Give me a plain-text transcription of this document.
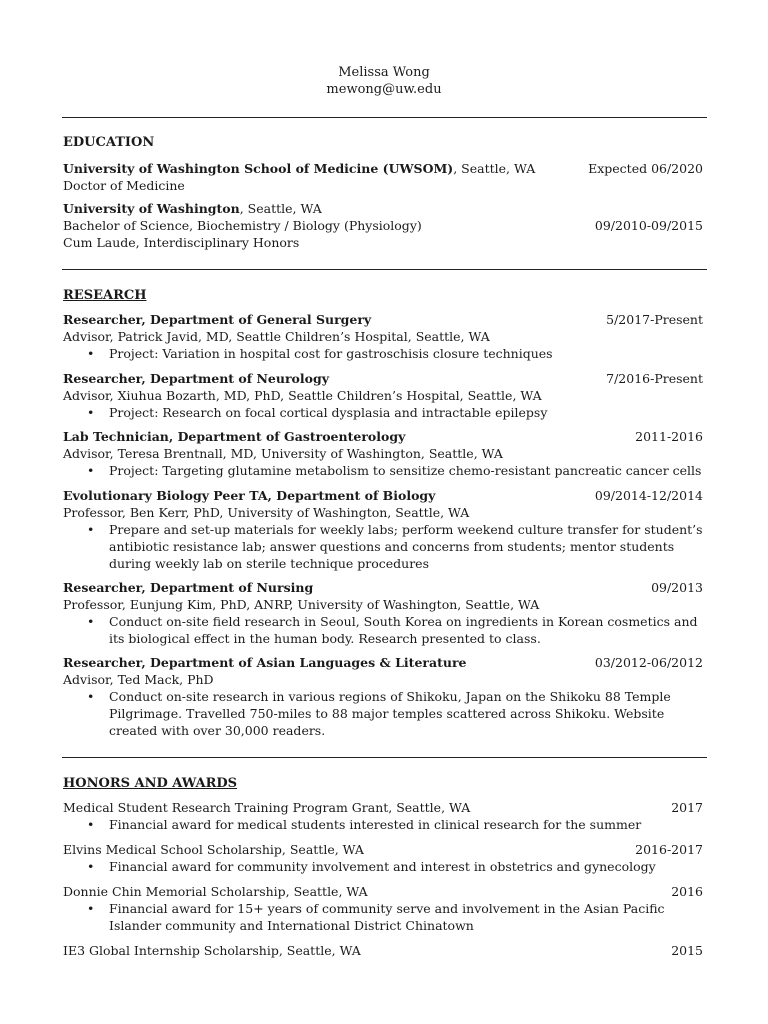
Melissa Wong
mewong@uw.edu
EDUCATION
University of Washington School of Medicine (UWSOM), Seattle, WA	Expected 06/2020
Doctor of Medicine
University of Washington, Seattle, WA
Bachelor of Science, Biochemistry / Biology (Physiology)	09/2010-09/2015
Cum Laude, Interdisciplinary Honors
RESEARCH
Researcher, Department of General Surgery	5/2017-Present
Advisor, Patrick Javid, MD, Seattle Children’s Hospital, Seattle, WA
• Project: Variation in hospital cost for gastroschisis closure techniques
Researcher, Department of Neurology	7/2016-Present
Advisor, Xiuhua Bozarth, MD, PhD, Seattle Children’s Hospital, Seattle, WA
• Project: Research on focal cortical dysplasia and intractable epilepsy
Lab Technician, Department of Gastroenterology	2011-2016
Advisor, Teresa Brentnall, MD, University of Washington, Seattle, WA
• Project: Targeting glutamine metabolism to sensitize chemo-resistant pancreatic cancer cells
Evolutionary Biology Peer TA, Department of Biology	09/2014-12/2014
Professor, Ben Kerr, PhD, University of Washington, Seattle, WA
• Prepare and set-up materials for weekly labs; perform weekend culture transfer for student’s antibiotic resistance lab; answer questions and concerns from students; mentor students during weekly lab on sterile technique procedures
Researcher, Department of Nursing	09/2013
Professor, Eunjung Kim, PhD, ANRP, University of Washington, Seattle, WA
• Conduct on-site field research in Seoul, South Korea on ingredients in Korean cosmetics and its biological effect in the human body. Research presented to class.
Researcher, Department of Asian Languages & Literature	03/2012-06/2012
Advisor, Ted Mack, PhD
• Conduct on-site research in various regions of Shikoku, Japan on the Shikoku 88 Temple Pilgrimage. Travelled 750-miles to 88 major temples scattered across Shikoku. Website created with over 30,000 readers.
HONORS AND AWARDS
Medical Student Research Training Program Grant, Seattle, WA	2017
• Financial award for medical students interested in clinical research for the summer
Elvins Medical School Scholarship, Seattle, WA	2016-2017
• Financial award for community involvement and interest in obstetrics and gynecology
Donnie Chin Memorial Scholarship, Seattle, WA	2016
• Financial award for 15+ years of community serve and involvement in the Asian Pacific Islander community and International District Chinatown
IE3 Global Internship Scholarship, Seattle, WA	2015
